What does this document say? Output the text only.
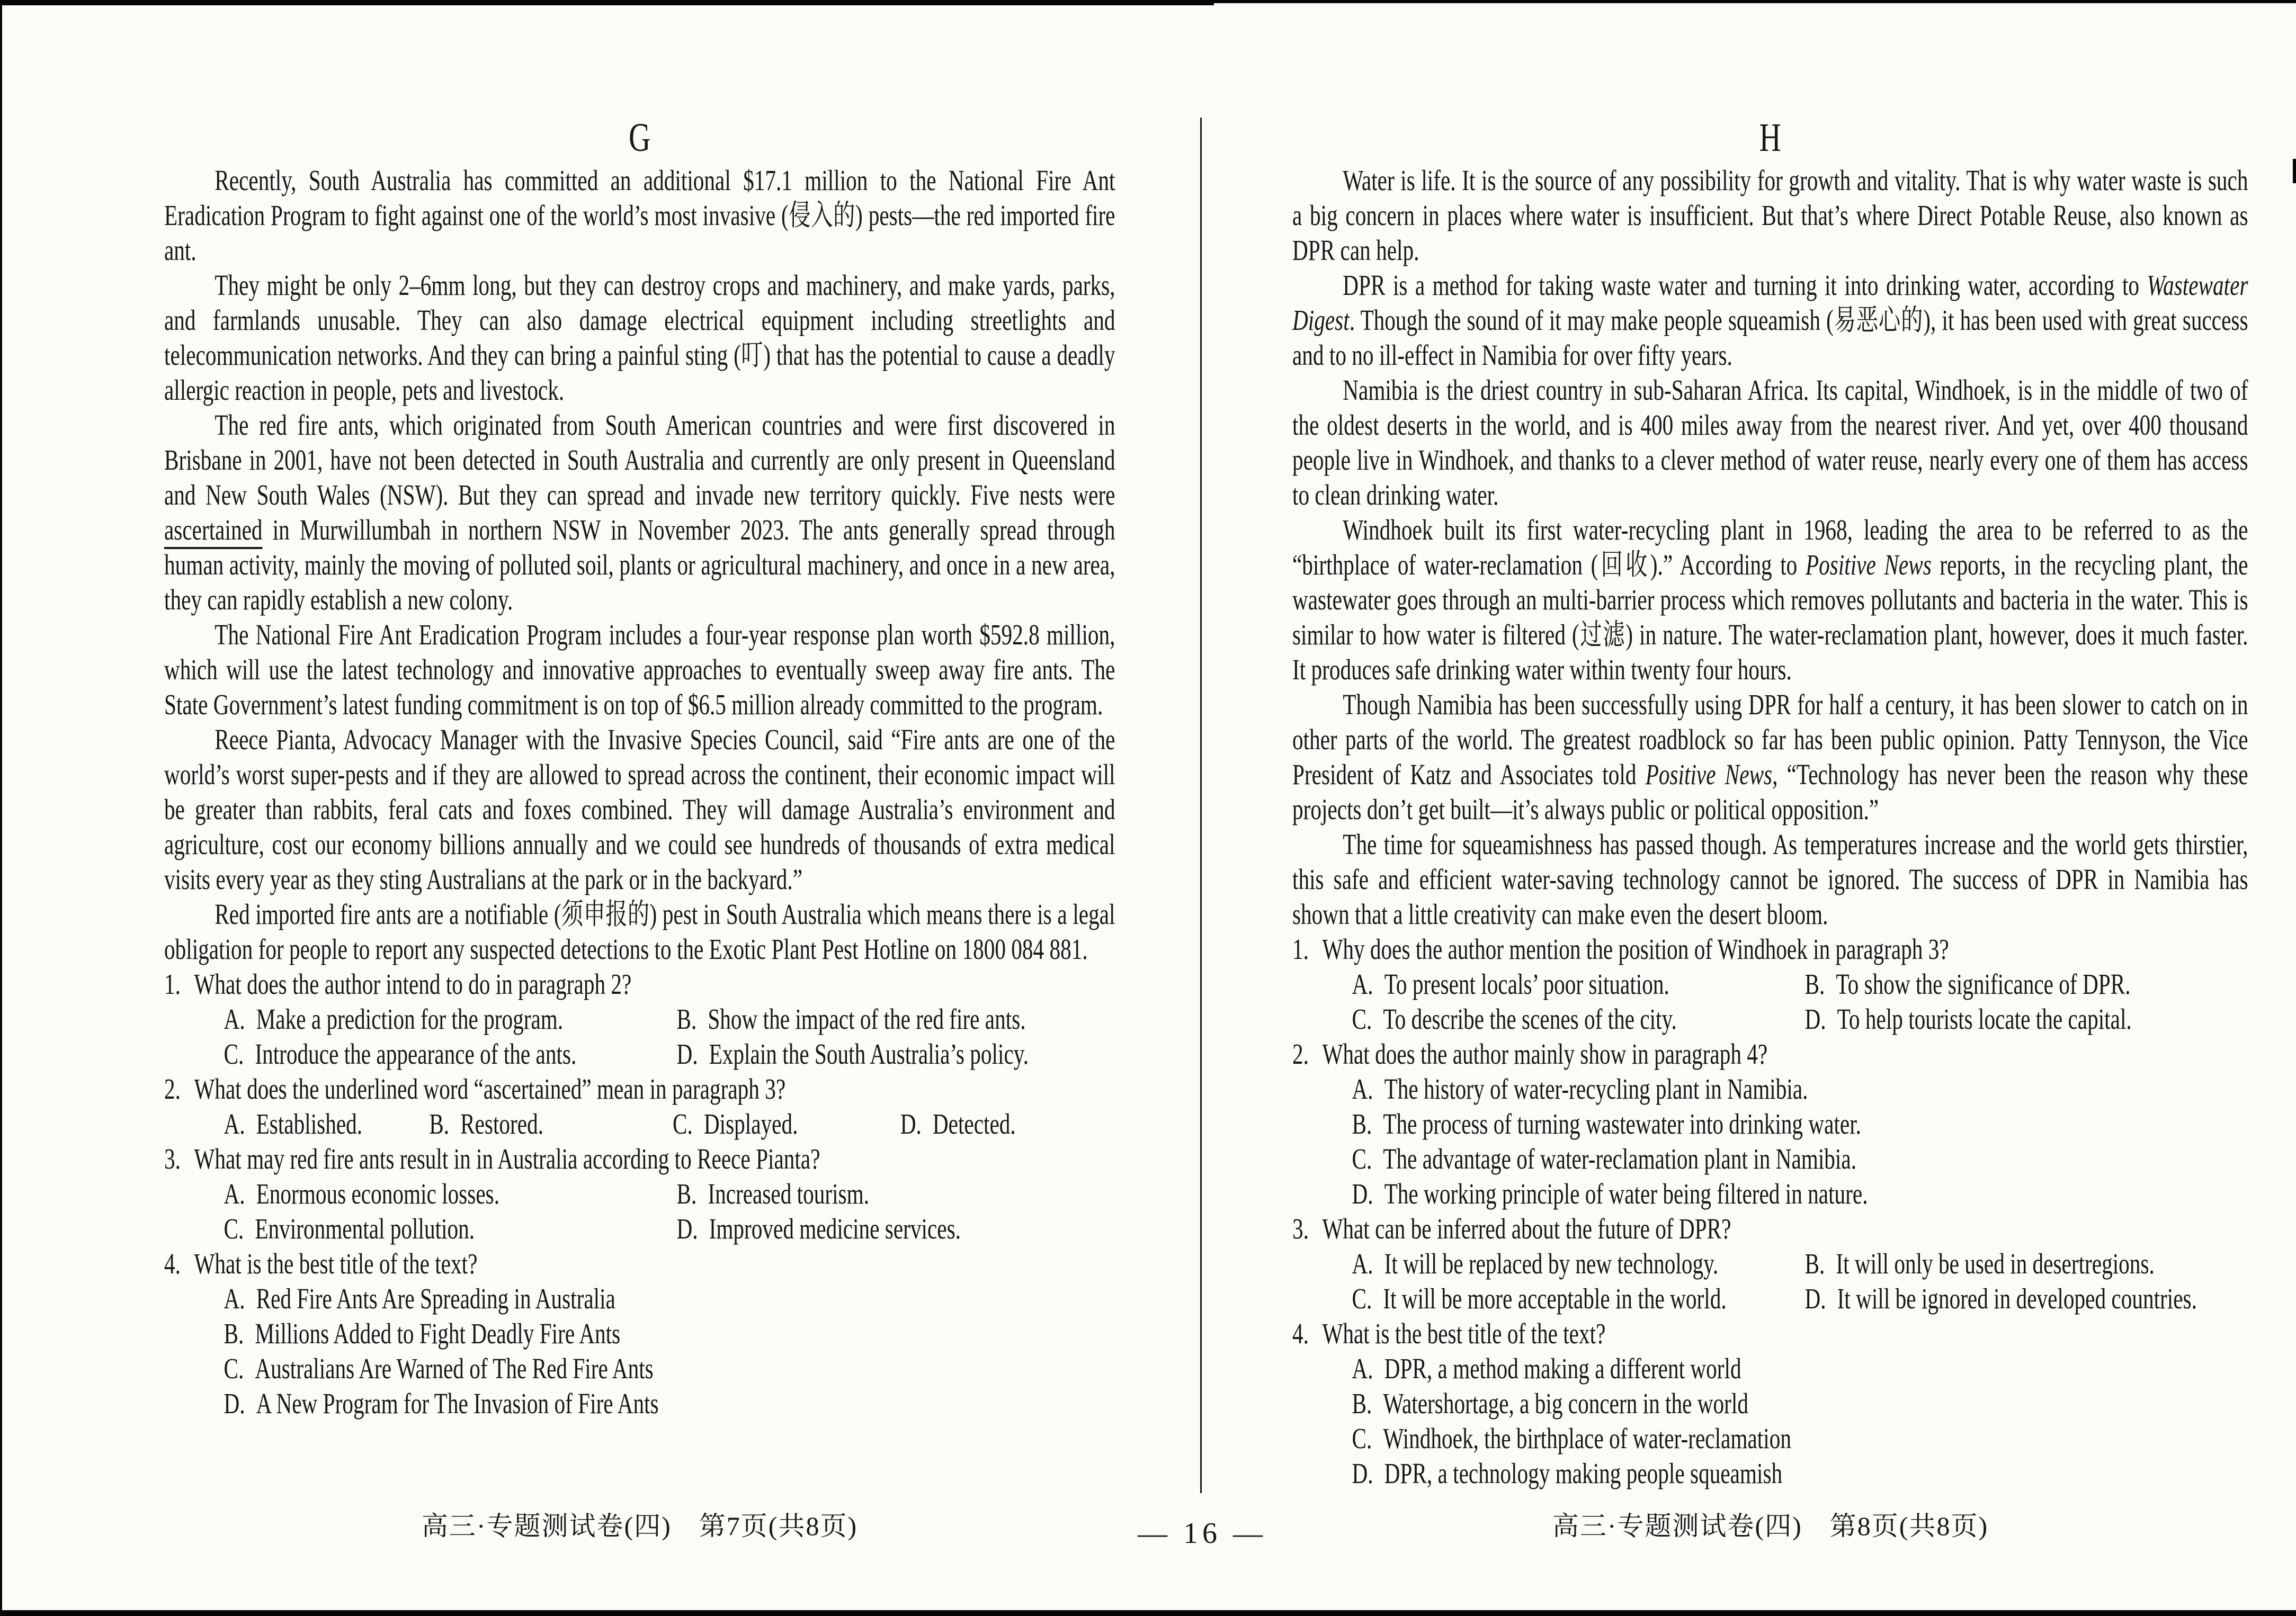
G

Recently, South Australia has committed an additional $17.1 million to the National Fire Ant Eradication Program to fight against one of the world’s most invasive (侵入的) pests—the red imported fire ant.

They might be only 2–6mm long, but they can destroy crops and machinery, and make yards, parks, and farmlands unusable. They can also damage electrical equipment including streetlights and telecommunication networks. And they can bring a painful sting (叮) that has the potential to cause a deadly allergic reaction in people, pets and livestock.

The red fire ants, which originated from South American countries and were first discovered in Brisbane in 2001, have not been detected in South Australia and currently are only present in Queensland and New South Wales (NSW). But they can spread and invade new territory quickly. Five nests were ascertained in Murwillumbah in northern NSW in November 2023. The ants generally spread through human activity, mainly the moving of polluted soil, plants or agricultural machinery, and once in a new area, they can rapidly establish a new colony.

The National Fire Ant Eradication Program includes a four-year response plan worth $592.8 million, which will use the latest technology and innovative approaches to eventually sweep away fire ants. The State Government’s latest funding commitment is on top of $6.5 million already committed to the program.

Reece Pianta, Advocacy Manager with the Invasive Species Council, said “Fire ants are one of the world’s worst super-pests and if they are allowed to spread across the continent, their economic impact will be greater than rabbits, feral cats and foxes combined. They will damage Australia’s environment and agriculture, cost our economy billions annually and we could see hundreds of thousands of extra medical visits every year as they sting Australians at the park or in the backyard.”

Red imported fire ants are a notifiable (须申报的) pest in South Australia which means there is a legal obligation for people to report any suspected detections to the Exotic Plant Pest Hotline on 1800 084 881.

1. What does the author intend to do in paragraph 2?
A. Make a prediction for the program.	B. Show the impact of the red fire ants.
C. Introduce the appearance of the ants.	D. Explain the South Australia’s policy.
2. What does the underlined word “ascertained” mean in paragraph 3?
A. Established.	B. Restored.	C. Displayed.	D. Detected.
3. What may red fire ants result in in Australia according to Reece Pianta?
A. Enormous economic losses.	B. Increased tourism.
C. Environmental pollution.	D. Improved medicine services.
4. What is the best title of the text?
A. Red Fire Ants Are Spreading in Australia
B. Millions Added to Fight Deadly Fire Ants
C. Australians Are Warned of The Red Fire Ants
D. A New Program for The Invasion of Fire Ants
H

Water is life. It is the source of any possibility for growth and vitality. That is why water waste is such a big concern in places where water is insufficient. But that’s where Direct Potable Reuse, also known as DPR can help.

DPR is a method for taking waste water and turning it into drinking water, according to Wastewater Digest. Though the sound of it may make people squeamish (易恶心的), it has been used with great success and to no ill-effect in Namibia for over fifty years.

Namibia is the driest country in sub-Saharan Africa. Its capital, Windhoek, is in the middle of two of the oldest deserts in the world, and is 400 miles away from the nearest river. And yet, over 400 thousand people live in Windhoek, and thanks to a clever method of water reuse, nearly every one of them has access to clean drinking water.

Windhoek built its first water-recycling plant in 1968, leading the area to be referred to as the “birthplace of water-reclamation (回收).” According to Positive News reports, in the recycling plant, the wastewater goes through an multi-barrier process which removes pollutants and bacteria in the water. This is similar to how water is filtered (过滤) in nature. The water-reclamation plant, however, does it much faster. It produces safe drinking water within twenty four hours.

Though Namibia has been successfully using DPR for half a century, it has been slower to catch on in other parts of the world. The greatest roadblock so far has been public opinion. Patty Tennyson, the Vice President of Katz and Associates told Positive News, “Technology has never been the reason why these projects don’t get built—it’s always public or political opposition.”

The time for squeamishness has passed though. As temperatures increase and the world gets thirstier, this safe and efficient water-saving technology cannot be ignored. The success of DPR in Namibia has shown that a little creativity can make even the desert bloom.

1. Why does the author mention the position of Windhoek in paragraph 3?
A. To present locals’ poor situation.	B. To show the significance of DPR.
C. To describe the scenes of the city.	D. To help tourists locate the capital.
2. What does the author mainly show in paragraph 4?
A. The history of water-recycling plant in Namibia.
B. The process of turning wastewater into drinking water.
C. The advantage of water-reclamation plant in Namibia.
D. The working principle of water being filtered in nature.
3. What can be inferred about the future of DPR?
A. It will be replaced by new technology.	B. It will only be used in desertregions.
C. It will be more acceptable in the world.	D. It will be ignored in developed countries.
4. What is the best title of the text?
A. DPR, a method making a different world
B. Watershortage, a big concern in the world
C. Windhoek, the birthplace of water-reclamation
D. DPR, a technology making people squeamish
高三·专题测试卷(四)　第7页(共8页)	高三·专题测试卷(四)　第8页(共8页)
— 16 —
